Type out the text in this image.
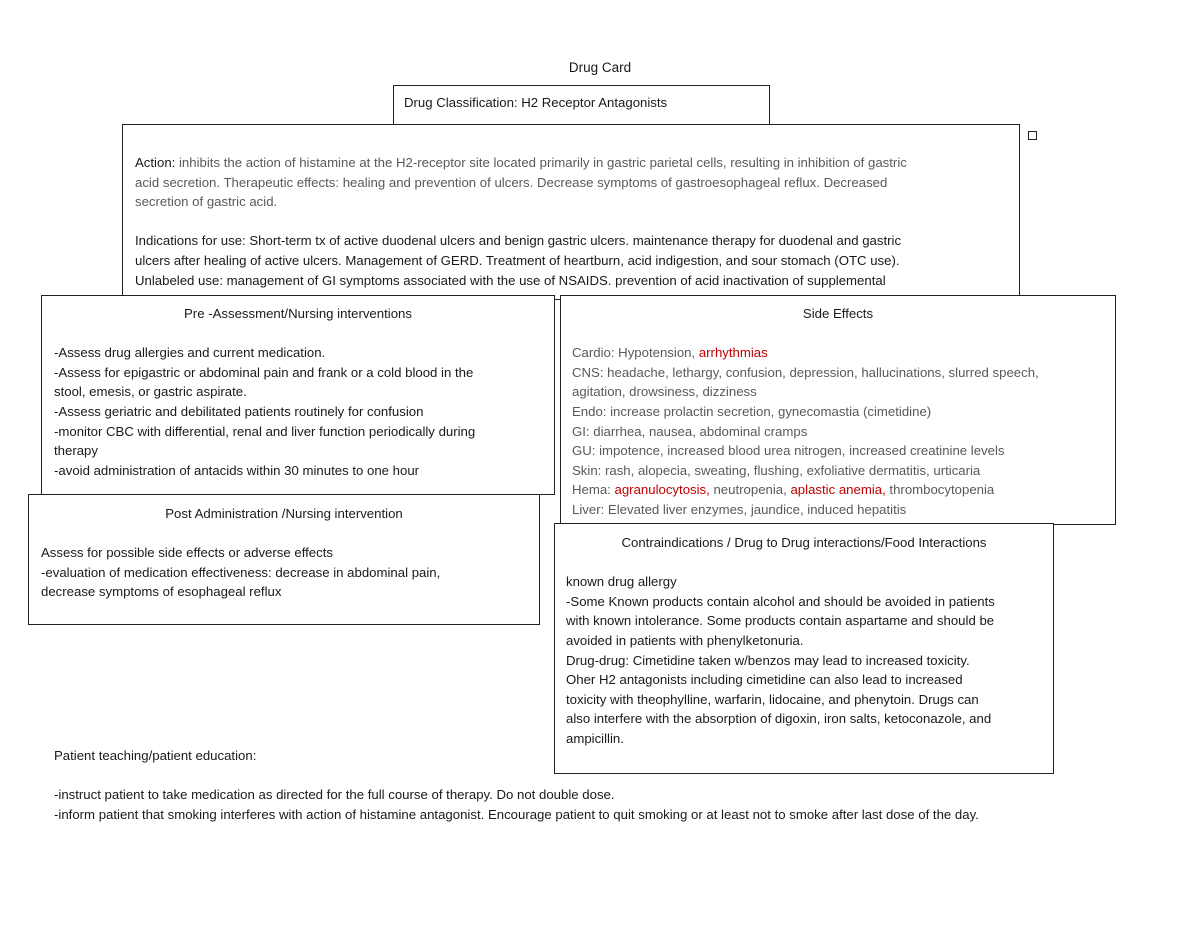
Drug Card
Drug Classification: H2 Receptor Antagonists
Action: inhibits the action of histamine at the H2-receptor site located primarily in gastric parietal cells, resulting in inhibition of gastric
acid secretion. Therapeutic effects: healing and prevention of ulcers. Decrease symptoms of gastroesophageal reflux. Decreased
secretion of gastric acid.
Indications for use: Short-term tx of active duodenal ulcers and benign gastric ulcers. maintenance therapy for duodenal and gastric
ulcers after healing of active ulcers. Management of GERD. Treatment of heartburn, acid indigestion, and sour stomach (OTC use).
Unlabeled use: management of GI symptoms associated with the use of NSAIDS. prevention of acid inactivation of supplemental
Pre -Assessment/Nursing interventions
-Assess drug allergies and current medication.
-Assess for epigastric or abdominal pain and frank or a cold blood in the
stool, emesis, or gastric aspirate.
-Assess geriatric and debilitated patients routinely for confusion
-monitor CBC with differential, renal and liver function periodically during
therapy
-avoid administration of antacids within 30 minutes to one hour
Side Effects
Cardio: Hypotension, arrhythmias
CNS: headache, lethargy, confusion, depression, hallucinations, slurred speech,
agitation, drowsiness, dizziness
Endo: increase prolactin secretion, gynecomastia (cimetidine)
GI: diarrhea, nausea, abdominal cramps
GU: impotence, increased blood urea nitrogen, increased creatinine levels
Skin: rash, alopecia, sweating, flushing, exfoliative dermatitis, urticaria
Hema: agranulocytosis, neutropenia, aplastic anemia, thrombocytopenia
Liver: Elevated liver enzymes, jaundice, induced hepatitis
Post Administration /Nursing intervention
Assess for possible side effects or adverse effects
-evaluation of medication effectiveness: decrease in abdominal pain,
decrease symptoms of esophageal reflux
Contraindications / Drug to Drug interactions/Food Interactions
known drug allergy
-Some Known products contain alcohol and should be avoided in patients
with known intolerance. Some products contain aspartame and should be
avoided in patients with phenylketonuria.
Drug-drug: Cimetidine taken w/benzos may lead to increased toxicity.
Oher H2 antagonists including cimetidine can also lead to increased
toxicity with theophylline, warfarin, lidocaine, and phenytoin. Drugs can
also interfere with the absorption of digoxin, iron salts, ketoconazole, and
ampicillin.
Patient teaching/patient education:
-instruct patient to take medication as directed for the full course of therapy. Do not double dose.
-inform patient that smoking interferes with action of histamine antagonist. Encourage patient to quit smoking or at least not to smoke after last dose of the day.
